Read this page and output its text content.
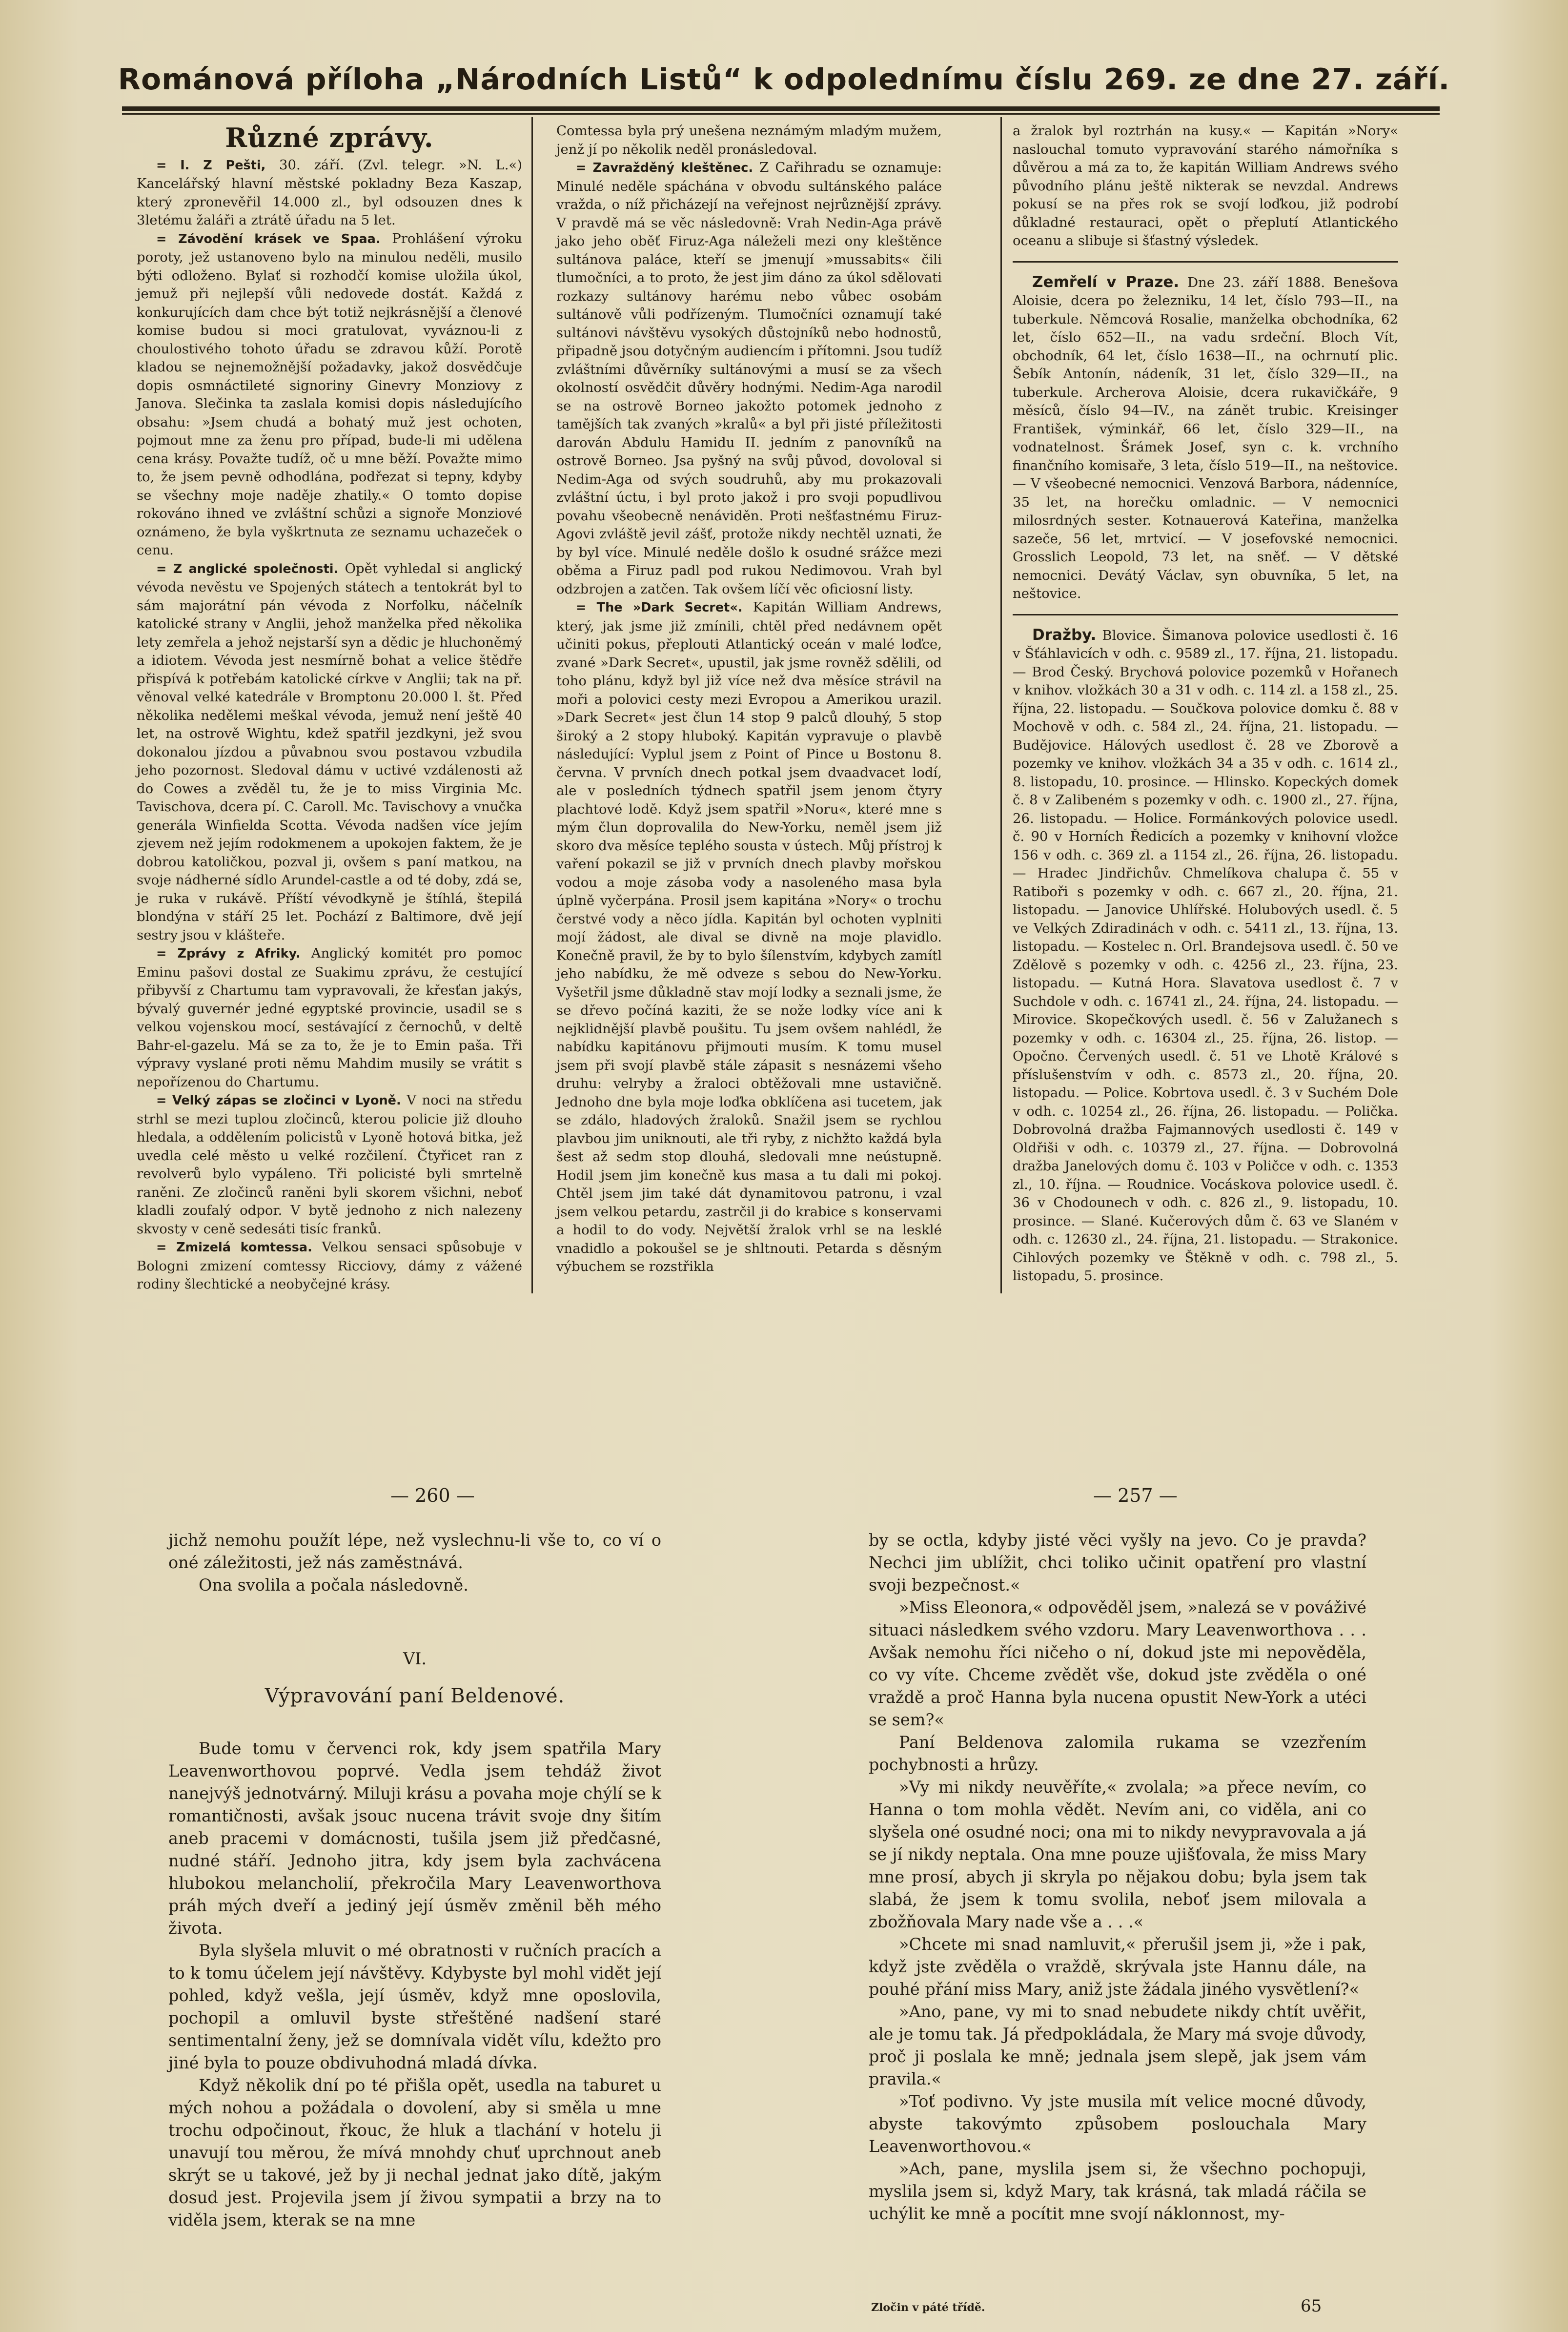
Románová příloha „Národních Listů“ k odpolednímu číslu 269. ze dne 27. září.
Různé zprávy.

= I. Z Pešti, 30. září. (Zvl. telegr. »N. L.«) Kancelářský hlavní městské pokladny Beza Kaszap, který zpronevěřil 14.000 zl., byl odsouzen dnes k 3letému žaláři a ztrátě úřadu na 5 let.

= Závodění krásek ve Spaa. Prohlášení výroku poroty, jež ustanoveno bylo na minulou neděli, musilo býti odloženo. Bylať si rozhodčí komise uložila úkol, jemuž při nejlepší vůli nedovede dostát. Každá z konkurujících dam chce být totiž nejkrásnější a členové komise budou si moci gratulovat, vyváznou-li z choulostivého tohoto úřadu se zdravou kůží. Porotě kladou se nejnemožnější požadavky, jakož dosvědčuje dopis osmnáctileté signoriny Ginevry Monziovy z Janova. Slečinka ta zaslala komisi dopis následujícího obsahu: »Jsem chudá a bohatý muž jest ochoten, pojmout mne za ženu pro případ, bude-li mi udělena cena krásy. Považte tudíž, oč u mne běží. Považte mimo to, že jsem pevně odhodlána, podřezat si tepny, kdyby se všechny moje naděje zhatily.« O tomto dopise rokováno ihned ve zvláštní schůzi a signoře Monziové oznámeno, že byla vyškrtnuta ze seznamu uchazeček o cenu.

= Z anglické společnosti. Opět vyhledal si anglický vévoda nevěstu ve Spojených státech a tentokrát byl to sám majorátní pán vévoda z Norfolku, náčelník katolické strany v Anglii, jehož manželka před několika lety zemřela a jehož nejstarší syn a dědic je hluchoněmý a idiotem. Vévoda jest nesmírně bohat a velice štědře přispívá k potřebám katolické církve v Anglii; tak na př. věnoval velké katedrále v Bromptonu 20.000 l. št. Před několika nedělemi meškal vévoda, jemuž není ještě 40 let, na ostrově Wightu, kdež spatřil jezdkyni, jež svou dokonalou jízdou a půvabnou svou postavou vzbudila jeho pozornost. Sledoval dámu v uctivé vzdálenosti až do Cowes a zvěděl tu, že je to miss Virginia Mc. Tavischova, dcera pí. C. Caroll. Mc. Tavischovy a vnučka generála Winfielda Scotta. Vévoda nadšen více jejím zjevem než jejím rodokmenem a upokojen faktem, že je dobrou katoličkou, pozval ji, ovšem s paní matkou, na svoje nádherné sídlo Arundel-castle a od té doby, zdá se, je ruka v rukávě. Příští vévodkyně je štíhlá, štepilá blondýna v stáří 25 let. Pochází z Baltimore, dvě její sestry jsou v klášteře.

= Zprávy z Afriky. Anglický komitét pro pomoc Eminu pašovi dostal ze Suakimu zprávu, že cestující přibyvší z Chartumu tam vypravovali, že křesťan jakýs, bývalý guvernér jedné egyptské provincie, usadil se s velkou vojenskou mocí, sestávající z černochů, v deltě Bahr-el-gazelu. Má se za to, že je to Emin paša. Tři výpravy vyslané proti němu Mahdim musily se vrátit s nepořízenou do Chartumu.

= Velký zápas se zločinci v Lyoně. V noci na středu strhl se mezi tuplou zločinců, kterou policie již dlouho hledala, a oddělením policistů v Lyoně hotová bitka, jež uvedla celé město u velké rozčilení. Čtyřicet ran z revolverů bylo vypáleno. Tři policisté byli smrtelně raněni. Ze zločinců raněni byli skorem všichni, neboť kladli zoufalý odpor. V bytě jednoho z nich nalezeny skvosty v ceně sedesáti tisíc franků.

= Zmizelá komtessa. Velkou sensaci spůsobuje v Bologni zmizení comtessy Ricciovy, dámy z vážené rodiny šlechtické a neobyčejné krásy.

Comtessa byla prý unešena neznámým mladým mužem, jenž jí po několik neděl pronásledoval.

= Zavražděný kleštěnec. Z Cařihradu se oznamuje: Minulé neděle spáchána v obvodu sultánského paláce vražda, o níž přicházejí na veřejnost nejrůznější zprávy. V pravdě má se věc následovně: Vrah Nedin-Aga právě jako jeho oběť Firuz-Aga náleželi mezi ony kleštěnce sultánova paláce, kteří se jmenují »mussabits« čili tlumočníci, a to proto, že jest jim dáno za úkol sdělovati rozkazy sultánovy harému nebo vůbec osobám sultánově vůli podřízeným. Tlumočníci oznamují také sultánovi návštěvu vysokých důstojníků nebo hodnostů, připadně jsou dotyčným audiencím i přítomni. Jsou tudíž zvláštními důvěrníky sultánovými a musí se za všech okolností osvědčit důvěry hodnými. Nedim-Aga narodil se na ostrově Borneo jakožto potomek jednoho z tamějších tak zvaných »kralů« a byl při jisté příležitosti darován Abdulu Hamidu II. jedním z panovníků na ostrově Borneo. Jsa pyšný na svůj původ, dovoloval si Nedim-Aga od svých soudruhů, aby mu prokazovali zvláštní úctu, i byl proto jakož i pro svoji popudlivou povahu všeobecně nenáviděn. Proti nešťastnému Firuz-Agovi zvláště jevil zášť, protože nikdy nechtěl uznati, že by byl více. Minulé neděle došlo k osudné srážce mezi oběma a Firuz padl pod rukou Nedimovou. Vrah byl odzbrojen a zatčen. Tak ovšem líčí věc oficiosní listy.

= The »Dark Secret«. Kapitán William Andrews, který, jak jsme již zmínili, chtěl před nedávnem opět učiniti pokus, přeplouti Atlantický oceán v malé loďce, zvané »Dark Secret«, upustil, jak jsme rovněž sdělili, od toho plánu, když byl již více než dva měsíce strávil na moři a polovici cesty mezi Evropou a Amerikou urazil. »Dark Secret« jest člun 14 stop 9 palců dlouhý, 5 stop široký a 2 stopy hluboký. Kapitán vypravuje o plavbě následující: Vyplul jsem z Point of Pince u Bostonu 8. června. V prvních dnech potkal jsem dvaadvacet lodí, ale v posledních týdnech spatřil jsem jenom čtyry plachtové lodě. Když jsem spatřil »Noru«, které mne s mým člun doprovalila do New-Yorku, neměl jsem již skoro dva měsíce teplého sousta v ústech. Můj přístroj k vaření pokazil se již v prvních dnech plavby mořskou vodou a moje zásoba vody a nasoleného masa byla úplně vyčerpána. Prosil jsem kapitána »Nory« o trochu čerstvé vody a něco jídla. Kapitán byl ochoten vyplniti mojí žádost, ale dival se divně na moje plavidlo. Konečně pravil, že by to bylo šílenstvím, kdybych zamítl jeho nabídku, že mě odveze s sebou do New-Yorku. Vyšetřil jsme důkladně stav mojí lodky a seznali jsme, že se dřevo počíná kaziti, že se nože lodky více ani k nejklidnější plavbě poušitu. Tu jsem ovšem nahlédl, že nabídku kapitánovu přijmouti musím. K tomu musel jsem při svojí plavbě stále zápasit s nesnázemi všeho druhu: velryby a žraloci obtěžovali mne ustavičně. Jednoho dne byla moje loďka obklíčena asi tucetem, jak se zdálo, hladových žraloků. Snažil jsem se rychlou plavbou jim uniknouti, ale tři ryby, z nichžto každá byla šest až sedm stop dlouhá, sledovali mne neústupně. Hodil jsem jim konečně kus masa a tu dali mi pokoj. Chtěl jsem jim také dát dynamitovou patronu, i vzal jsem velkou petardu, zastrčil ji do krabice s konservami a hodil to do vody. Největší žralok vrhl se na lesklé vnadidlo a pokoušel se je shltnouti. Petarda s děsným výbuchem se rozstřikla

a žralok byl roztrhán na kusy.« — Kapitán »Nory« naslouchal tomuto vypravování starého námořníka s důvěrou a má za to, že kapitán William Andrews svého původního plánu ještě nikterak se nevzdal. Andrews pokusí se na přes rok se svojí loďkou, již podrobí důkladné restauraci, opět o přeplutí Atlantického oceanu a slibuje si šťastný výsledek.

Zemřelí v Praze. Dne 23. září 1888. Benešova Aloisie, dcera po železniku, 14 let, číslo 793—II., na tuberkule. Němcová Rosalie, manželka obchodníka, 62 let, číslo 652—II., na vadu srdeční. Bloch Vít, obchodník, 64 let, číslo 1638—II., na ochrnutí plic. Šebík Antonín, nádeník, 31 let, číslo 329—II., na tuberkule. Archerova Aloisie, dcera rukavičkáře, 9 měsíců, číslo 94—IV., na zánět trubic. Kreisinger František, výminkář, 66 let, číslo 329—II., na vodnatelnost. Šrámek Josef, syn c. k. vrchního finančního komisaře, 3 leta, číslo 519—II., na neštovice. — V všeobecné nemocnici. Venzová Barbora, nádenníce, 35 let, na horečku omladnic. — V nemocnici milosrdných sester. Kotnauerová Kateřina, manželka sazeče, 56 let, mrtvicí. — V josefovské nemocnici. Grosslich Leopold, 73 let, na sněť. — V dětské nemocnici. Devátý Václav, syn obuvníka, 5 let, na neštovice.

Dražby. Blovice. Šimanova polovice usedlosti č. 16 v Šťáhlavicích v odh. c. 9589 zl., 17. října, 21. listopadu. — Brod Český. Brychová polovice pozemků v Hořanech v knihov. vložkách 30 a 31 v odh. c. 114 zl. a 158 zl., 25. října, 22. listopadu. — Součkova polovice domku č. 88 v Mochově v odh. c. 584 zl., 24. října, 21. listopadu. — Budějovice. Hálových usedlost č. 28 ve Zborově a pozemky ve knihov. vložkách 34 a 35 v odh. c. 1614 zl., 8. listopadu, 10. prosince. — Hlinsko. Kopeckých domek č. 8 v Zalibeném s pozemky v odh. c. 1900 zl., 27. října, 26. listopadu. — Holice. Formánkových polovice usedl. č. 90 v Horních Ředicích a pozemky v knihovní vložce 156 v odh. c. 369 zl. a 1154 zl., 26. října, 26. listopadu. — Hradec Jindřichův. Chmelíkova chalupa č. 55 v Ratiboři s pozemky v odh. c. 667 zl., 20. října, 21. listopadu. — Janovice Uhlířské. Holubových usedl. č. 5 ve Velkých Zdiradinách v odh. c. 5411 zl., 13. října, 13. listopadu. — Kostelec n. Orl. Brandejsova usedl. č. 50 ve Zdělově s pozemky v odh. c. 4256 zl., 23. října, 23. listopadu. — Kutná Hora. Slavatova usedlost č. 7 v Suchdole v odh. c. 16741 zl., 24. října, 24. listopadu. — Mirovice. Skopečkových usedl. č. 56 v Zalužanech s pozemky v odh. c. 16304 zl., 25. října, 26. listop. — Opočno. Červených usedl. č. 51 ve Lhotě Králové s příslušenstvím v odh. c. 8573 zl., 20. října, 20. listopadu. — Police. Kobrtova usedl. č. 3 v Suchém Dole v odh. c. 10254 zl., 26. října, 26. listopadu. — Polička. Dobrovolná dražba Fajmannových usedlosti č. 149 v Oldřiši v odh. c. 10379 zl., 27. října. — Dobrovolná dražba Janelových domu č. 103 v Poličce v odh. c. 1353 zl., 10. října. — Roudnice. Vocáskova polovice usedl. č. 36 v Chodounech v odh. c. 826 zl., 9. listopadu, 10. prosince. — Slané. Kučerových dům č. 63 ve Slaném v odh. c. 12630 zl., 24. října, 21. listopadu. — Strakonice. Cihlových pozemky ve Štěkně v odh. c. 798 zl., 5. listopadu, 5. prosince.

— 260 —	— 257 —

jichž nemohu použít lépe, než vyslechnu-li vše to, co ví o oné záležitosti, jež nás zaměstnává.

Ona svolila a počala následovně.

VI.

Výpravování paní Beldenové.

Bude tomu v červenci rok, kdy jsem spatřila Mary Leavenworthovou poprvé. Vedla jsem tehdáž život nanejvýš jednotvárný. Miluji krásu a povaha moje chýlí se k romantičnosti, avšak jsouc nucena trávit svoje dny šitím aneb pracemi v domácnosti, tušila jsem již předčasné, nudné stáří. Jednoho jitra, kdy jsem byla zachvácena hlubokou melancholií, překročila Mary Leavenworthova práh mých dveří a jediný její úsměv změnil běh mého života.

Byla slyšela mluvit o mé obratnosti v ručních pracích a to k tomu účelem její návštěvy. Kdybyste byl mohl vidět její pohled, když vešla, její úsměv, když mne oposlovila, pochopil a omluvil byste střeštěné nadšení staré sentimentalní ženy, jež se domnívala vidět vílu, kdežto pro jiné byla to pouze obdivuhodná mladá dívka.

Když několik dní po té přišla opět, usedla na taburet u mých nohou a požádala o dovolení, aby si směla u mne trochu odpočinout, řkouc, že hluk a tlachání v hotelu ji unavují tou měrou, že mívá mnohdy chuť uprchnout aneb skrýt se u takové, jež by ji nechal jednat jako dítě, jakým dosud jest. Projevila jsem jí živou sympatii a brzy na to viděla jsem, kterak se na mne

by se octla, kdyby jisté věci vyšly na jevo. Co je pravda? Nechci jim ublížit, chci toliko učinit opatření pro vlastní svoji bezpečnost.«

»Miss Eleonora,« odpověděl jsem, »nalezá se v pováživé situaci následkem svého vzdoru. Mary Leavenworthova . . . Avšak nemohu říci ničeho o ní, dokud jste mi nepověděla, co vy víte. Chceme zvědět vše, dokud jste zvěděla o oné vraždě a proč Hanna byla nucena opustit New-York a utéci se sem?«

Paní Beldenova zalomila rukama se vzezřením pochybnosti a hrůzy.

»Vy mi nikdy neuvěříte,« zvolala; »a přece nevím, co Hanna o tom mohla vědět. Nevím ani, co viděla, ani co slyšela oné osudné noci; ona mi to nikdy nevypravovala a já se jí nikdy neptala. Ona mne pouze ujišťovala, že miss Mary mne prosí, abych ji skryla po nějakou dobu; byla jsem tak slabá, že jsem k tomu svolila, neboť jsem milovala a zbožňovala Mary nade vše a . . .«

»Chcete mi snad namluvit,« přerušil jsem ji, »že i pak, když jste zvěděla o vraždě, skrývala jste Hannu dále, na pouhé přání miss Mary, aniž jste žádala jiného vysvětlení?«

»Ano, pane, vy mi to snad nebudete nikdy chtít uvěřit, ale je tomu tak. Já předpokládala, že Mary má svoje důvody, proč ji poslala ke mně; jednala jsem slepě, jak jsem vám pravila.«

»Toť podivno. Vy jste musila mít velice mocné důvody, abyste takovýmto způsobem poslouchala Mary Leavenworthovou.«

»Ach, pane, myslila jsem si, že všechno pochopuji, myslila jsem si, když Mary, tak krásná, tak mladá ráčila se uchýlit ke mně a pocítit mne svojí náklonnost, my-

Zločin v páté třídě.	65
